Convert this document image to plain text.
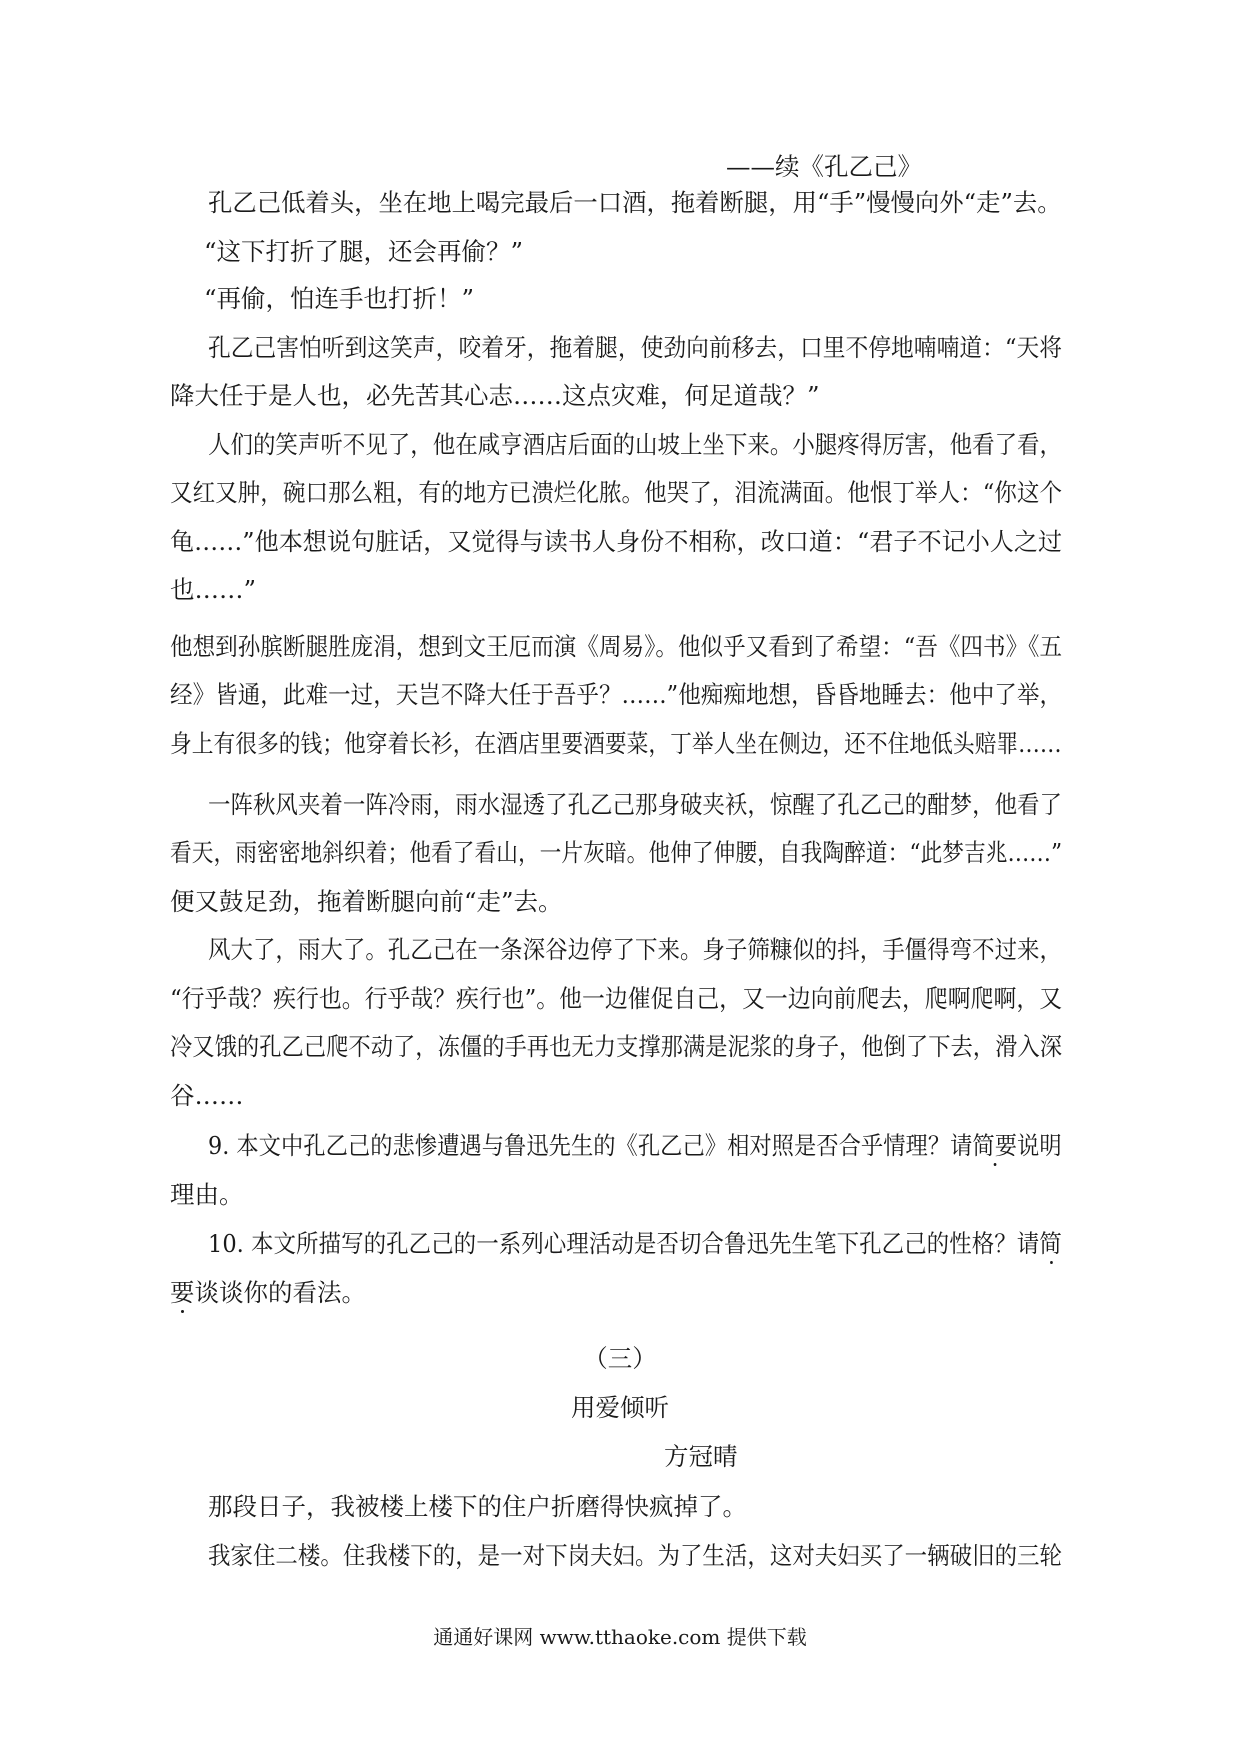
——续《孔乙己》

孔乙己低着头，坐在地上喝完最后一口酒，拖着断腿，用“手”慢慢向外“走”去。

“这下打折了腿，还会再偷？”

“再偷，怕连手也打折！”

孔乙己害怕听到这笑声，咬着牙，拖着腿，使劲向前移去，口里不停地喃喃道：“天将

降大任于是人也，必先苦其心志……这点灾难，何足道哉？”

人们的笑声听不见了，他在咸亨酒店后面的山坡上坐下来。小腿疼得厉害，他看了看，

又红又肿，碗口那么粗，有的地方已溃烂化脓。他哭了，泪流满面。他恨丁举人：“你这个

龟……”他本想说句脏话，又觉得与读书人身份不相称，改口道：“君子不记小人之过

也……”

他想到孙膑断腿胜庞涓，想到文王厄而演《周易》。他似乎又看到了希望：“吾《四书》《五

经》皆通，此难一过，天岂不降大任于吾乎？……”他痴痴地想，昏昏地睡去：他中了举，

身上有很多的钱；他穿着长衫，在酒店里要酒要菜，丁举人坐在侧边，还不住地低头赔罪……

一阵秋风夹着一阵冷雨，雨水湿透了孔乙己那身破夹袄，惊醒了孔乙己的酣梦，他看了

看天，雨密密地斜织着；他看了看山，一片灰暗。他伸了伸腰，自我陶醉道：“此梦吉兆……”

便又鼓足劲，拖着断腿向前“走”去。

风大了，雨大了。孔乙己在一条深谷边停了下来。身子筛糠似的抖，手僵得弯不过来，

“行乎哉？疾行也。行乎哉？疾行也”。他一边催促自己，又一边向前爬去，爬啊爬啊，又

冷又饿的孔乙己爬不动了，冻僵的手再也无力支撑那满是泥浆的身子，他倒了下去，滑入深

谷……

9. 本文中孔乙己的悲惨遭遇与鲁迅先生的《孔乙己》相对照是否合乎情理？请简要说明

理由。

10. 本文所描写的孔乙己的一系列心理活动是否切合鲁迅先生笔下孔乙己的性格？请简

要谈谈你的看法。

（三）

用爱倾听

方冠晴

那段日子，我被楼上楼下的住户折磨得快疯掉了。

我家住二楼。住我楼下的，是一对下岗夫妇。为了生活，这对夫妇买了一辆破旧的三轮

通通好课网 www.tthaoke.com 提供下载
